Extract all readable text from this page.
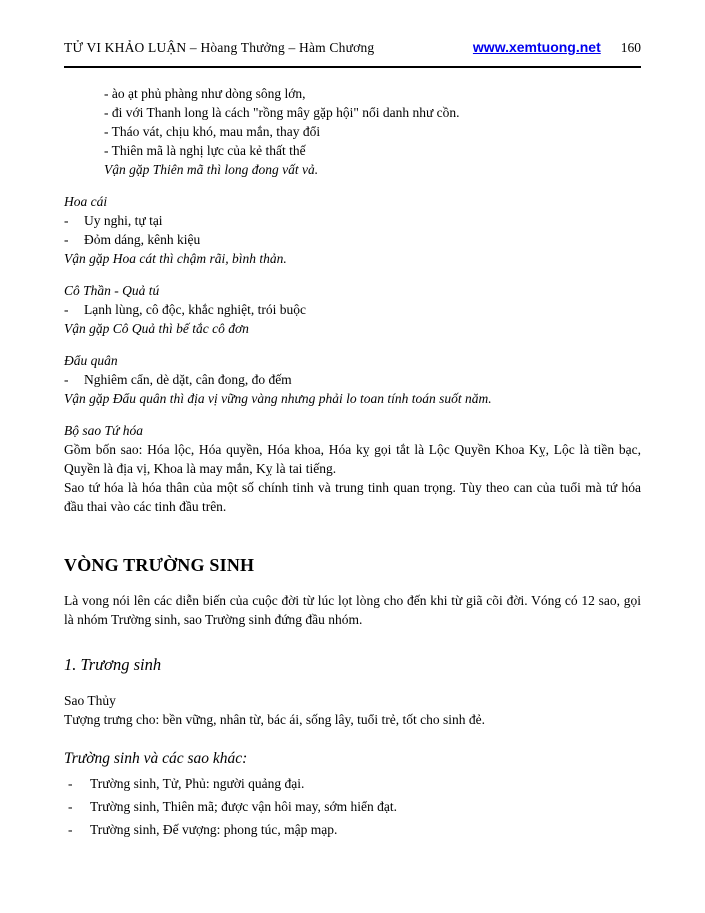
TỬ VI KHẢO LUẬN – Hòang Thưởng – Hàm Chương	www.xemtuong.net 160
- ào ạt phủ phàng như dòng sông lớn,
- đi với Thanh long là cách "rồng mây gặp hội" nổi danh như cồn.
- Tháo vát, chịu khó, mau mắn, thay đổi
- Thiên mã là nghị lực của kẻ thất thế
Vận gặp Thiên mã thì long đong vất vả.
Hoa cái
-	Uy nghi, tự tại
-	Đỏm dáng, kênh kiệu
Vận gặp Hoa cát thì chậm rãi, bình thản.
Cô Thần - Quả tú
-	Lạnh lùng, cô độc, khắc nghiệt, trói buộc
Vận gặp Cô Quả thì bế tắc cô đơn
Đẩu quân
-	Nghiêm cẩn, dè dặt, cân đong, đo đếm
Vận gặp Đẩu quân thì địa vị vững vàng nhưng phải lo toan tính toán suốt năm.
Bộ sao Tứ hóa
Gồm bốn sao: Hóa lộc, Hóa quyền, Hóa khoa, Hóa kỵ gọi tắt là Lộc Quyền Khoa Kỵ, Lộc là tiền bạc, Quyền là địa vị, Khoa là may mắn, Kỵ là tai tiếng.
Sao tứ hóa là hóa thân của một số chính tinh và trung tinh quan trọng. Tùy theo can của tuổi mà tứ hóa đầu thai vào các tinh đầu trên.
VÒNG TRƯỜNG SINH
Là vong nói lên các diễn biến của cuộc đời từ lúc lọt lòng cho đến khi từ giã cõi đời. Vóng có 12 sao, gọi là nhóm Trường sinh, sao Trường sinh đứng đầu nhóm.
1. Trương sinh
Sao Thủy
Tượng trưng cho: bền vững, nhân từ, bác ái, sống lây, tuổi trẻ, tốt cho sinh đẻ.
Trường sinh và các sao khác:
-	Trường sinh, Tử, Phủ: người quảng đại.
-	Trường sinh, Thiên mã; được vận hôi may, sớm hiển đạt.
-	Trường sinh, Đế vượng: phong túc, mập mạp.
